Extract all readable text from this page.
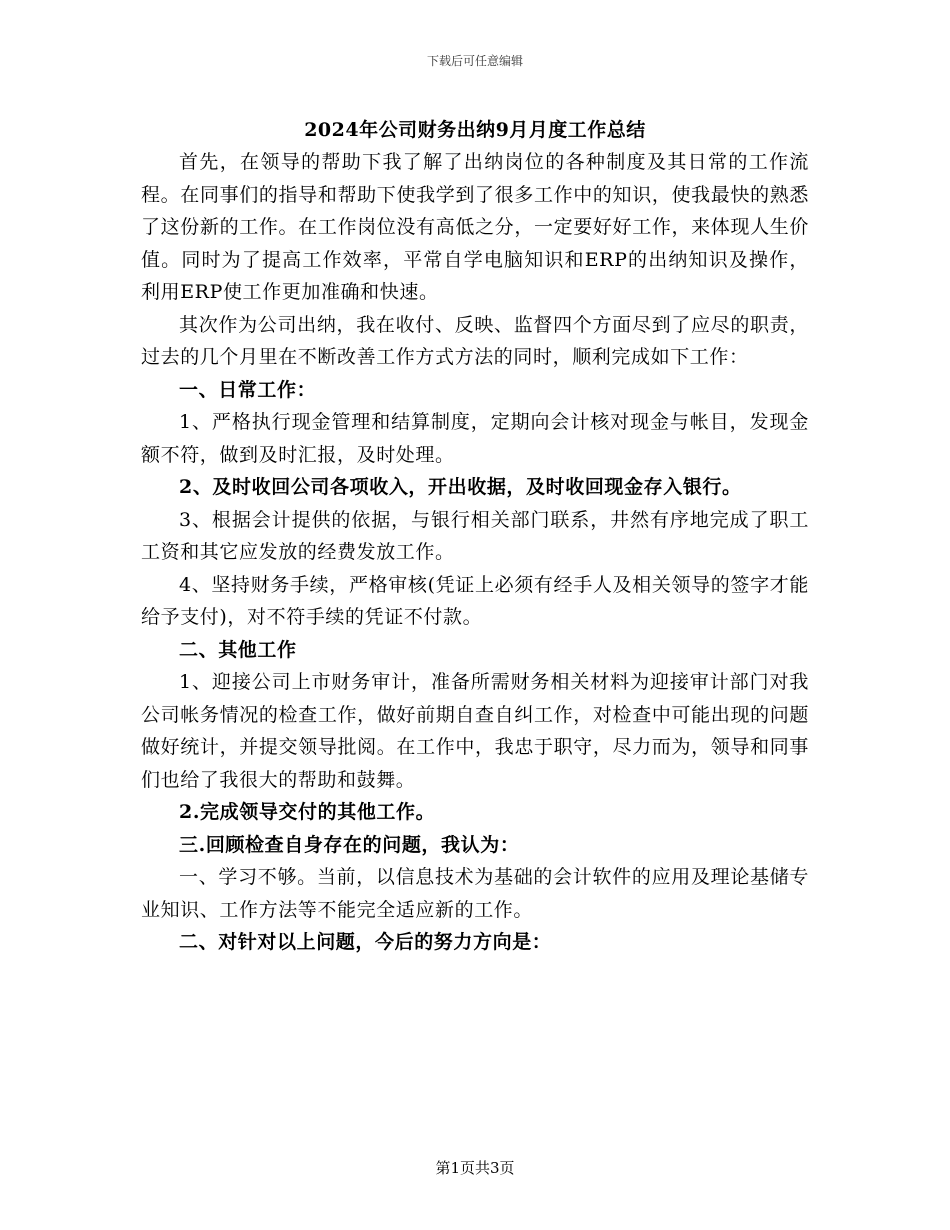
下载后可任意编辑
2024年公司财务出纳9月月度工作总结

首先，在领导的帮助下我了解了出纳岗位的各种制度及其日常的工作流程。在同事们的指导和帮助下使我学到了很多工作中的知识，使我最快的熟悉了这份新的工作。在工作岗位没有高低之分，一定要好好工作，来体现人生价值。同时为了提高工作效率，平常自学电脑知识和ERP的出纳知识及操作，利用ERP使工作更加准确和快速。

其次作为公司出纳，我在收付、反映、监督四个方面尽到了应尽的职责，过去的几个月里在不断改善工作方式方法的同时，顺利完成如下工作：

一、日常工作：

1、严格执行现金管理和结算制度，定期向会计核对现金与帐目，发现金额不符，做到及时汇报，及时处理。

2、及时收回公司各项收入，开出收据，及时收回现金存入银行。

3、根据会计提供的依据，与银行相关部门联系，井然有序地完成了职工工资和其它应发放的经费发放工作。

4、坚持财务手续，严格审核(凭证上必须有经手人及相关领导的签字才能给予支付)，对不符手续的凭证不付款。

二、其他工作

1、迎接公司上市财务审计，准备所需财务相关材料为迎接审计部门对我公司帐务情况的检查工作，做好前期自查自纠工作，对检查中可能出现的问题做好统计，并提交领导批阅。在工作中，我忠于职守，尽力而为，领导和同事们也给了我很大的帮助和鼓舞。

2.完成领导交付的其他工作。

三.回顾检查自身存在的问题，我认为：

一、学习不够。当前，以信息技术为基础的会计软件的应用及理论基储专业知识、工作方法等不能完全适应新的工作。

二、对针对以上问题，今后的努力方向是：

第1页共3页
